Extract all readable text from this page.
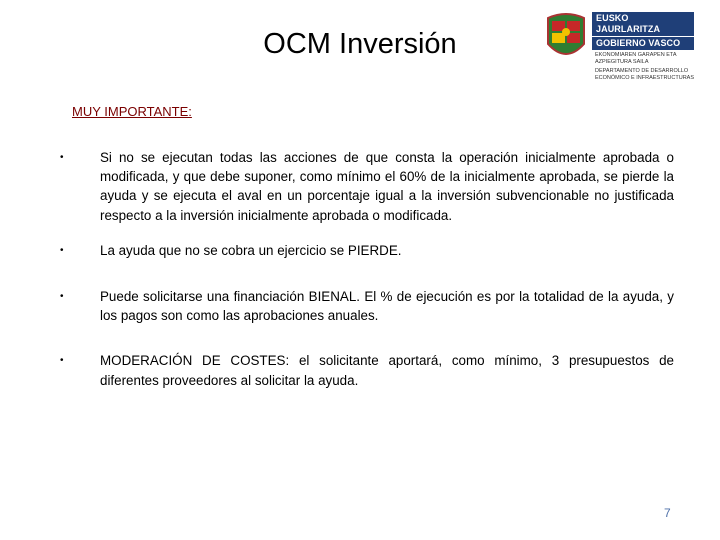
OCM Inversión
EUSKO JAURLARITZA
GOBIERNO VASCO
EKONOMIAREN GARAPEN ETA AZPIEGITURA SAILA
DEPARTAMENTO DE DESARROLLO ECONÓMICO E INFRAESTRUCTURAS
MUY IMPORTANTE:
•	Si no se ejecutan todas las acciones de que consta la operación inicialmente aprobada o modificada, y que debe suponer, como mínimo el 60% de la inicialmente aprobada, se pierde la ayuda y se ejecuta el aval en un porcentaje igual a la inversión subvencionable no justificada respecto a la inversión inicialmente aprobada o modificada.
•	La ayuda que no se cobra un ejercicio se PIERDE.
•	Puede solicitarse una financiación BIENAL. El % de ejecución es por la totalidad de la ayuda, y los pagos son como las aprobaciones anuales.
•	MODERACIÓN DE COSTES: el solicitante aportará, como mínimo, 3 presupuestos de diferentes proveedores al solicitar la ayuda.
7
